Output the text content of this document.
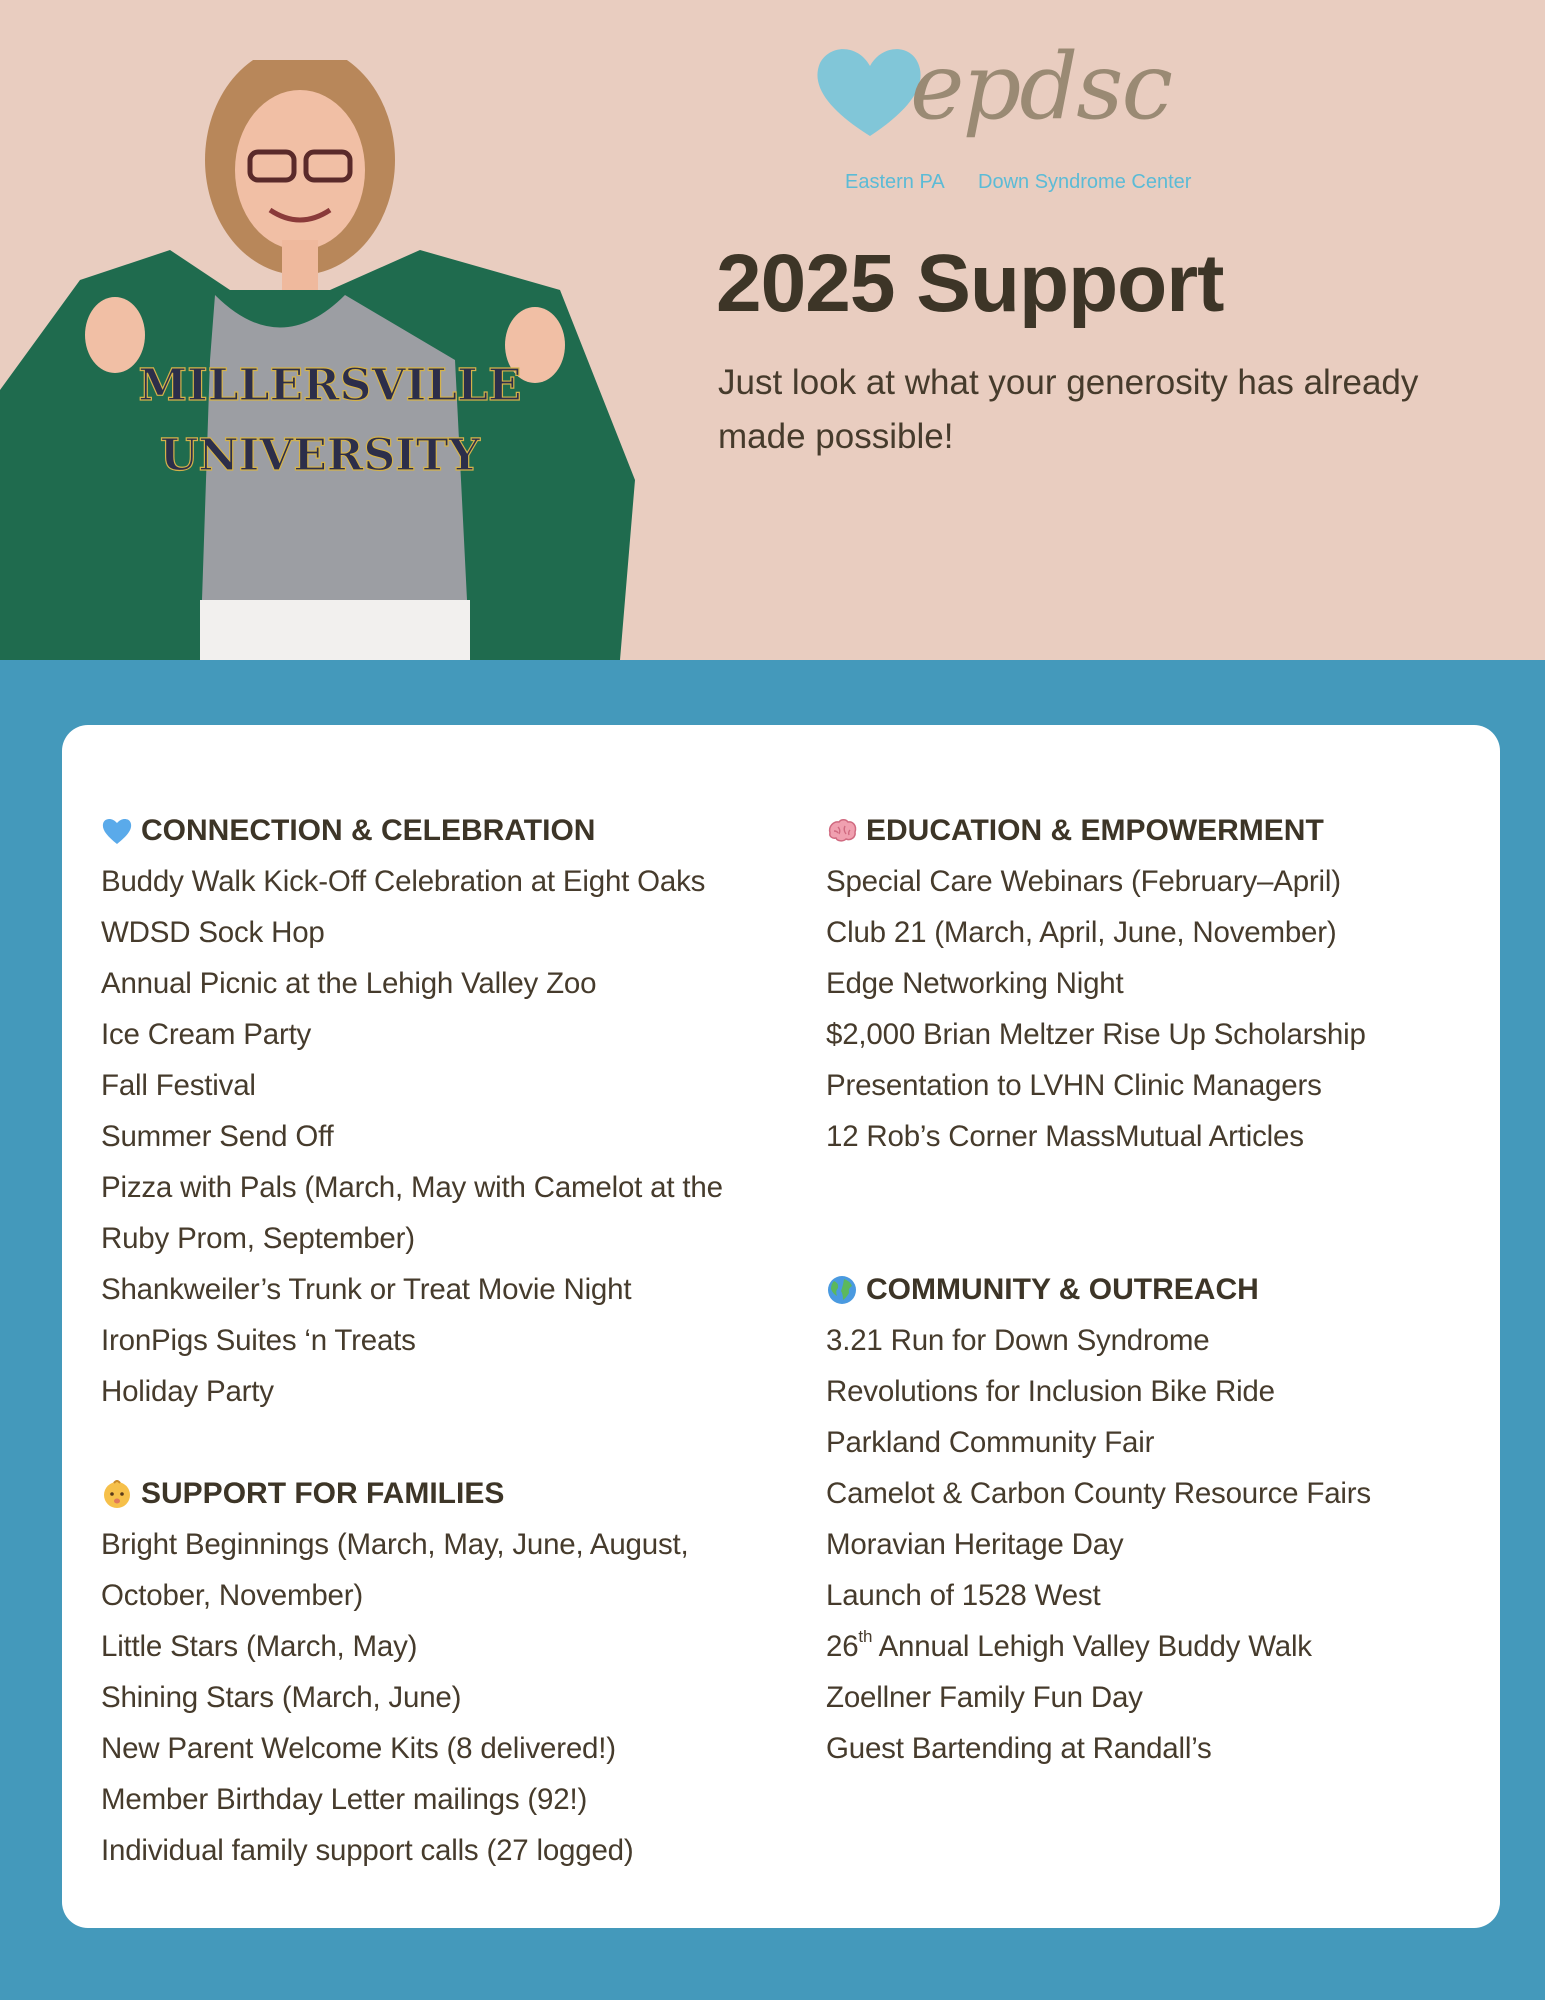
MILLERSVILLE
UNIVERSITY
epdsc
Eastern PA Down Syndrome Center
2025 Support

Just look at what your generosity has already made possible!

CONNECTION & CELEBRATION
Buddy Walk Kick-Off Celebration at Eight Oaks
WDSD Sock Hop
Annual Picnic at the Lehigh Valley Zoo
Ice Cream Party
Fall Festival
Summer Send Off
Pizza with Pals (March, May with Camelot at the Ruby Prom, September)
Shankweiler’s Trunk or Treat Movie Night
IronPigs Suites ‘n Treats
Holiday Party
SUPPORT FOR FAMILIES
Bright Beginnings (March, May, June, August, October, November)
Little Stars (March, May)
Shining Stars (March, June)
New Parent Welcome Kits (8 delivered!)
Member Birthday Letter mailings (92!)
Individual family support calls (27 logged)
EDUCATION & EMPOWERMENT
Special Care Webinars (February–April)
Club 21 (March, April, June, November)
Edge Networking Night
$2,000 Brian Meltzer Rise Up Scholarship
Presentation to LVHN Clinic Managers
12 Rob’s Corner MassMutual Articles
COMMUNITY & OUTREACH
3.21 Run for Down Syndrome
Revolutions for Inclusion Bike Ride
Parkland Community Fair
Camelot & Carbon County Resource Fairs
Moravian Heritage Day
Launch of 1528 West
26th Annual Lehigh Valley Buddy Walk
Zoellner Family Fun Day
Guest Bartending at Randall’s
